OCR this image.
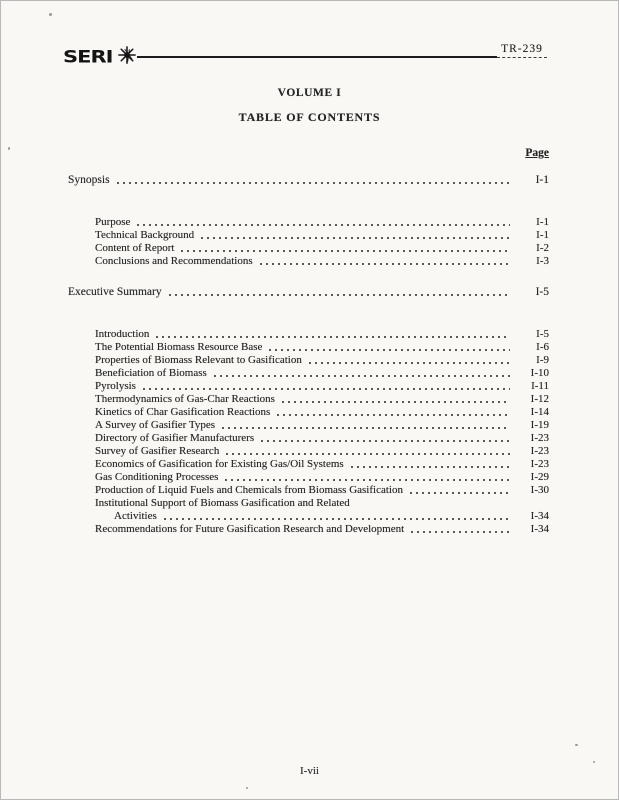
SERI	TR-239
VOLUME I
TABLE OF CONTENTS
Page
Synopsis	I-1
Purpose	I-1
Technical Background	I-1
Content of Report	I-2
Conclusions and Recommendations	I-3
Executive Summary	I-5
Introduction	I-5
The Potential Biomass Resource Base	I-6
Properties of Biomass Relevant to Gasification	I-9
Beneficiation of Biomass	I-10
Pyrolysis	I-11
Thermodynamics of Gas-Char Reactions	I-12
Kinetics of Char Gasification Reactions	I-14
A Survey of Gasifier Types	I-19
Directory of Gasifier Manufacturers	I-23
Survey of Gasifier Research	I-23
Economics of Gasification for Existing Gas/Oil Systems	I-23
Gas Conditioning Processes	I-29
Production of Liquid Fuels and Chemicals from Biomass Gasification	I-30
Institutional Support of Biomass Gasification and Related
Activities	I-34
Recommendations for Future Gasification Research and Development	I-34
I-vii
